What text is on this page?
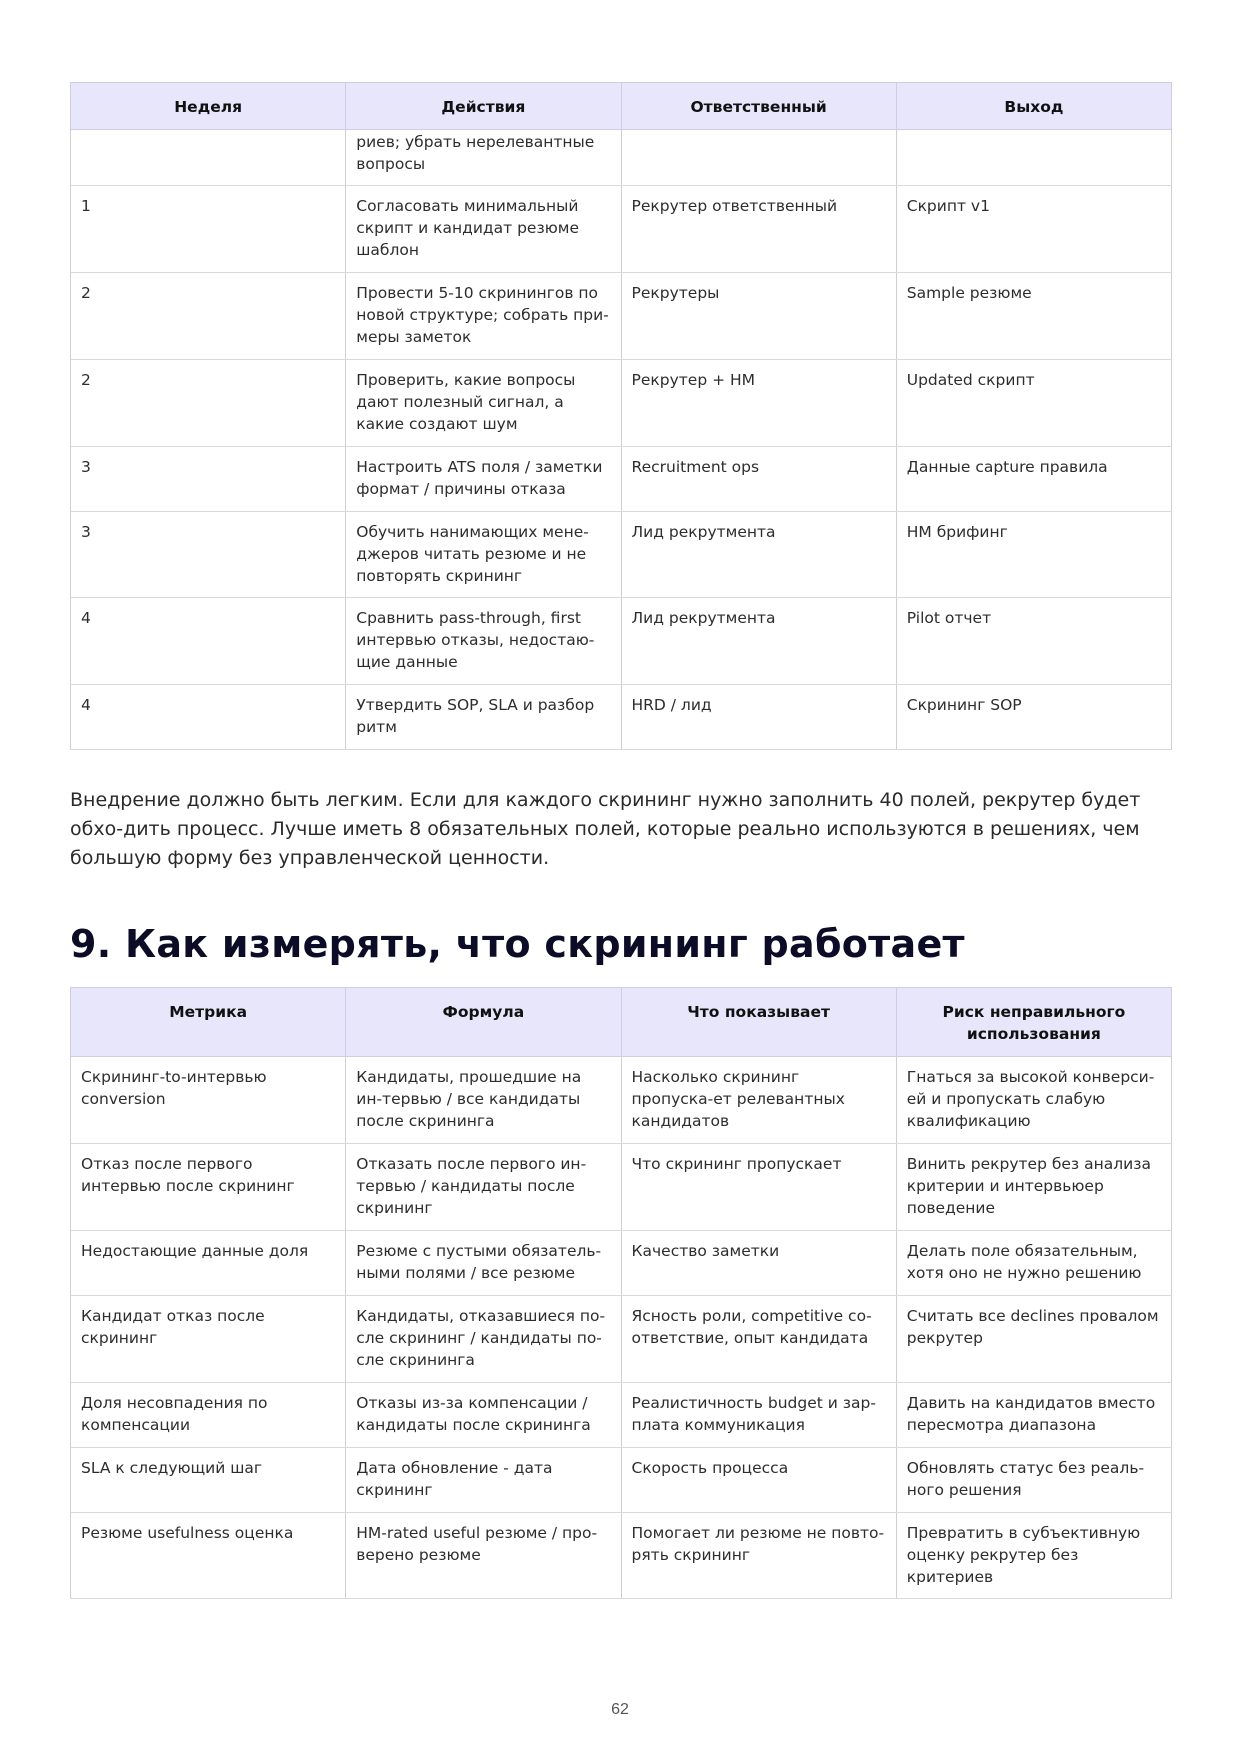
Неделя	Действия	Ответственный	Выход
	риев; убрать нерелевантные вопросы		
1	Согласовать минимальный скрипт и кандидат резюме шаблон	Рекрутер ответственный	Скрипт v1
2	Провести 5-10 скринингов по новой структуре; собрать при-меры заметок	Рекрутеры	Sample резюме
2	Проверить, какие вопросы дают полезный сигнал, а какие создают шум	Рекрутер + HM	Updated скрипт
3	Настроить ATS поля / заметки формат / причины отказа	Recruitment ops	Данные capture правила
3	Обучить нанимающих мене-джеров читать резюме и не повторять скрининг	Лид рекрутмента	HM брифинг
4	Сравнить pass-through, first интервью отказы, недостаю-щие данные	Лид рекрутмента	Pilot отчет
4	Утвердить SOP, SLA и разбор ритм	HRD / лид	Скрининг SOP

Внедрение должно быть легким. Если для каждого скрининг нужно заполнить 40 полей, рекрутер будет обхо-дить процесс. Лучше иметь 8 обязательных полей, которые реально используются в решениях, чем большую форму без управленческой ценности.

9. Как измерять, что скрининг работает
Метрика	Формула	Что показывает	Риск неправильного использования
Скрининг-to-интервью conversion	Кандидаты, прошедшие на ин-тервью / все кандидаты после скрининга	Насколько скрининг пропуска-ет релевантных кандидатов	Гнаться за высокой конверси-ей и пропускать слабую квалификацию
Отказ после первого интервью после скрининг	Отказать после первого ин-тервью / кандидаты после скрининг	Что скрининг пропускает	Винить рекрутер без анализа критерии и интервьюер поведение
Недостающие данные доля	Резюме с пустыми обязатель-ными полями / все резюме	Качество заметки	Делать поле обязательным, хотя оно не нужно решению
Кандидат отказ после скрининг	Кандидаты, отказавшиеся по-сле скрининг / кандидаты по-сле скрининга	Ясность роли, competitive со-ответствие, опыт кандидата	Считать все declines провалом рекрутер
Доля несовпадения по компенсации	Отказы из-за компенсации / кандидаты после скрининга	Реалистичность budget и зар-плата коммуникация	Давить на кандидатов вместо пересмотра диапазона
SLA к следующий шаг	Дата обновление - дата скрининг	Скорость процесса	Обновлять статус без реаль-ного решения
Резюме usefulness оценка	HM-rated useful резюме / про-верено резюме	Помогает ли резюме не повто-рять скрининг	Превратить в субъективную оценку рекрутер без критериев
62
